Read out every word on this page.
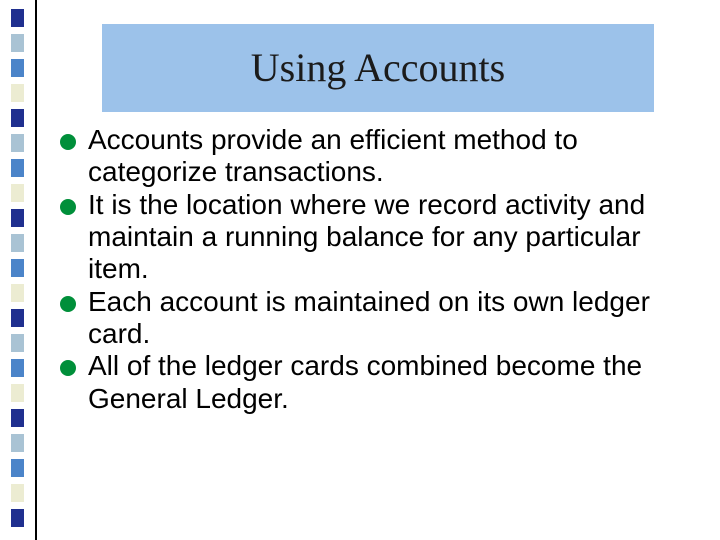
Using Accounts
Accounts provide an efficient method to categorize transactions.
It is the location where we record activity and maintain a running balance for any particular item.
Each account is maintained on its own ledger card.
All of the ledger cards combined become the General Ledger.
